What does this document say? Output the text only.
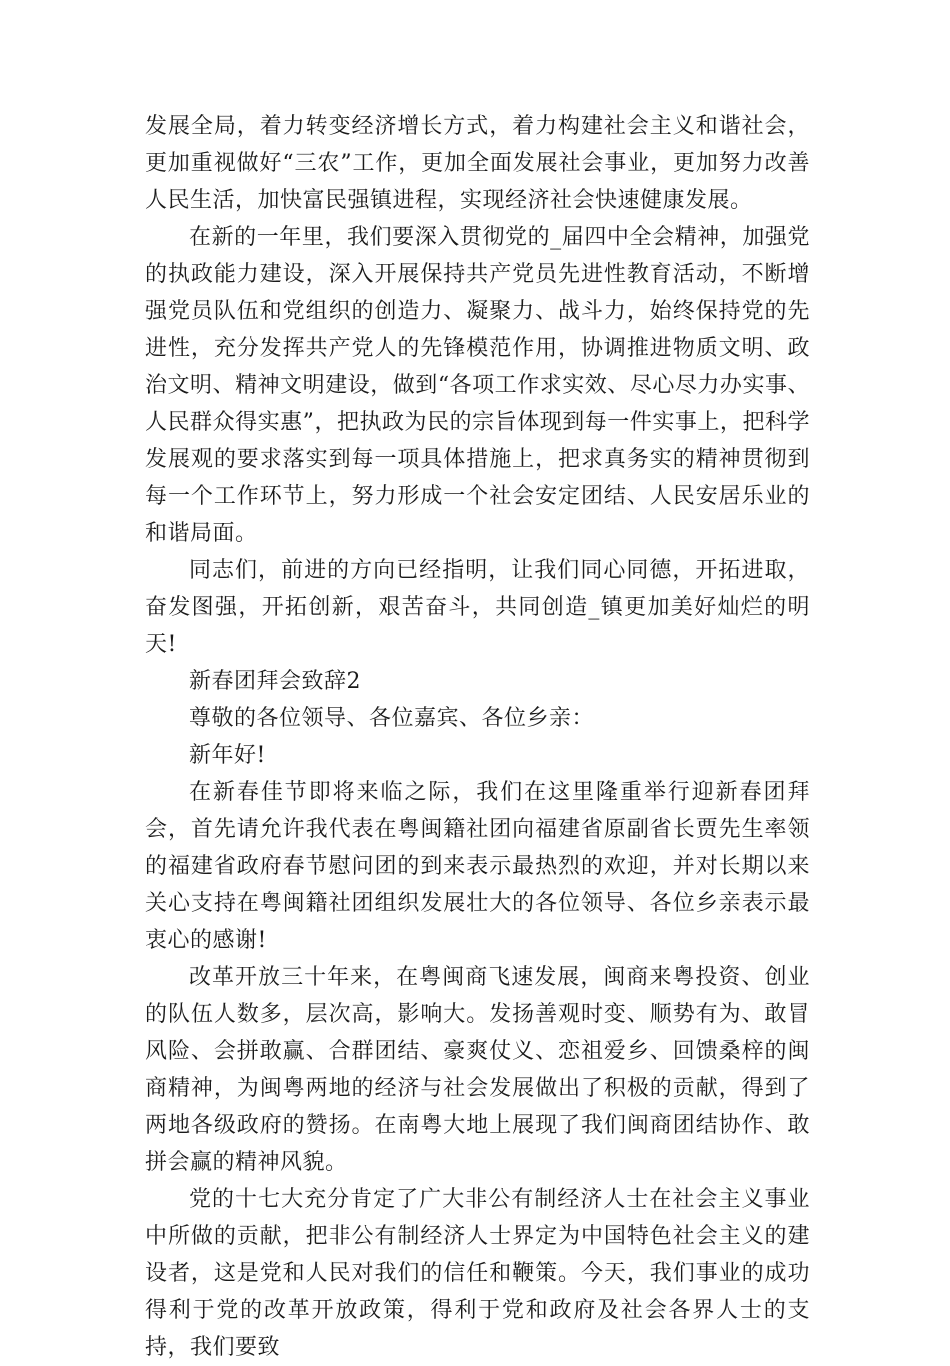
发展全局，着力转变经济增长方式，着力构建社会主义和谐社会，更加重视做好“三农”工作，更加全面发展社会事业，更加努力改善人民生活，加快富民强镇进程，实现经济社会快速健康发展。

在新的一年里，我们要深入贯彻党的_届四中全会精神，加强党的执政能力建设，深入开展保持共产党员先进性教育活动，不断增强党员队伍和党组织的创造力、凝聚力、战斗力，始终保持党的先进性，充分发挥共产党人的先锋模范作用，协调推进物质文明、政治文明、精神文明建设，做到“各项工作求实效、尽心尽力办实事、人民群众得实惠”，把执政为民的宗旨体现到每一件实事上，把科学发展观的要求落实到每一项具体措施上，把求真务实的精神贯彻到每一个工作环节上，努力形成一个社会安定团结、人民安居乐业的和谐局面。

同志们，前进的方向已经指明，让我们同心同德，开拓进取，奋发图强，开拓创新，艰苦奋斗，共同创造_镇更加美好灿烂的明天!

新春团拜会致辞2

尊敬的各位领导、各位嘉宾、各位乡亲：

新年好!

在新春佳节即将来临之际，我们在这里隆重举行迎新春团拜会，首先请允许我代表在粤闽籍社团向福建省原副省长贾先生率领的福建省政府春节慰问团的到来表示最热烈的欢迎，并对长期以来关心支持在粤闽籍社团组织发展壮大的各位领导、各位乡亲表示最衷心的感谢!

改革开放三十年来，在粤闽商飞速发展，闽商来粤投资、创业的队伍人数多，层次高，影响大。发扬善观时变、顺势有为、敢冒风险、会拼敢赢、合群团结、豪爽仗义、恋祖爱乡、回馈桑梓的闽商精神，为闽粤两地的经济与社会发展做出了积极的贡献，得到了两地各级政府的赞扬。在南粤大地上展现了我们闽商团结协作、敢拼会赢的精神风貌。

党的十七大充分肯定了广大非公有制经济人士在社会主义事业中所做的贡献，把非公有制经济人士界定为中国特色社会主义的建设者，这是党和人民对我们的信任和鞭策。今天，我们事业的成功得利于党的改革开放政策，得利于党和政府及社会各界人士的支持，我们要致
